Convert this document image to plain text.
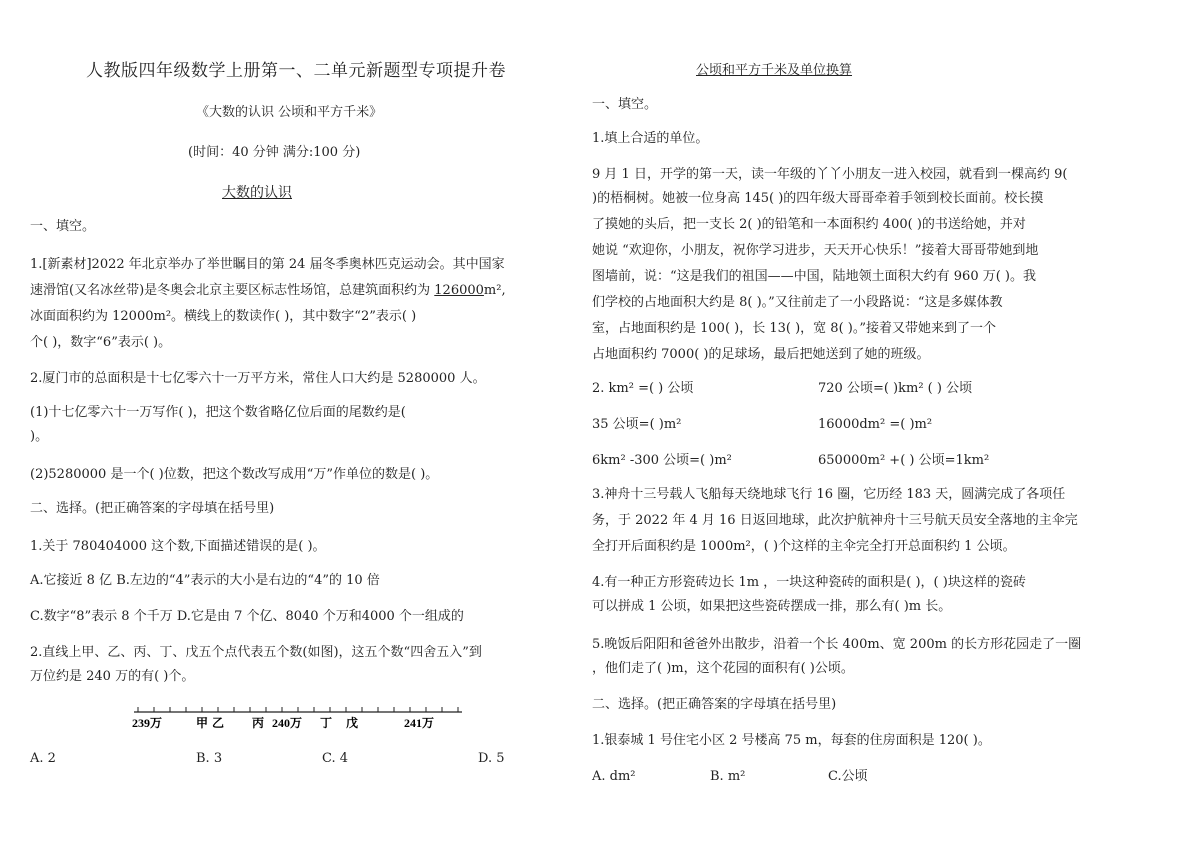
人教版四年级数学上册第一、二单元新题型专项提升卷
《大数的认识 公顷和平方千米》
(时间：40 分钟 满分:100 分)
大数的认识
一、填空。
1.[新素材]2022 年北京举办了举世瞩目的第 24 届冬季奥林匹克运动会。其中国家
速滑馆(又名冰丝带)是冬奥会北京主要区标志性场馆，总建筑面积约为 126000m²,
冰面面积约为 12000m²。横线上的数读作( )，其中数字“2”表示( )
个( )，数字“6”表示( )。
2.厦门市的总面积是十七亿零六十一万平方米，常住人口大约是 5280000 人。
(1)十七亿零六十一万写作( )，把这个数省略亿位后面的尾数约是(
)。
(2)5280000 是一个( )位数，把这个数改写成用“万”作单位的数是( )。
二、选择。(把正确答案的字母填在括号里)
1.关于 780404000 这个数,下面描述错误的是( )。
A.它接近 8 亿 B.左边的“4”表示的大小是右边的“4”的 10 倍
C.数字“8”表示 8 个千万 D.它是由 7 个亿、8040 个万和4000 个一组成的
2.直线上甲、乙、丙、丁、戊五个点代表五个数(如图)，这五个数“四舍五入”到
万位约是 240 万的有( )个。
239万	甲 乙 丙 240万 丁 戊	241万
A. 2	B. 3	C. 4	D. 5
公顷和平方千米及单位换算
一、填空。
1.填上合适的单位。
9 月 1 日，开学的第一天，读一年级的丫丫小朋友一进入校园，就看到一棵高约 9(
)的梧桐树。她被一位身高 145( )的四年级大哥哥牵着手领到校长面前。校长摸
了摸她的头后，把一支长 2( )的铅笔和一本面积约 400( )的书送给她，并对
她说 “欢迎你，小朋友，祝你学习进步，天天开心快乐！”接着大哥哥带她到地
图墙前，说：“这是我们的祖国——中国，陆地领土面积大约有 960 万( )。我
们学校的占地面积大约是 8( )。”又往前走了一小段路说：“这是多媒体教
室，占地面积约是 100( )，长 13( )，宽 8( )。”接着又带她来到了一个
占地面积约 7000( )的足球场，最后把她送到了她的班级。
2. km² =( ) 公顷	720 公顷=( )km² ( ) 公顷
35 公顷=( )m²	16000dm² =( )m²
6km² -300 公顷=( )m²	650000m² +( ) 公顷=1km²
3.神舟十三号载人飞船每天绕地球飞行 16 圈，它历经 183 天，圆满完成了各项任
务，于 2022 年 4 月 16 日返回地球，此次护航神舟十三号航天员安全落地的主伞完
全打开后面积约是 1000m²，( )个这样的主伞完全打开总面积约 1 公顷。
4.有一种正方形瓷砖边长 1m ，一块这种瓷砖的面积是( )，( )块这样的瓷砖
可以拼成 1 公顷，如果把这些瓷砖摆成一排，那么有( )m 长。
5.晚饭后阳阳和爸爸外出散步，沿着一个长 400m、宽 200m 的长方形花园走了一圈
，他们走了( )m，这个花园的面积有( )公顷。
二、选择。(把正确答案的字母填在括号里)
1.银泰城 1 号住宅小区 2 号楼高 75 m，每套的住房面积是 120( )。
A. dm²	B. m²	C.公顷
